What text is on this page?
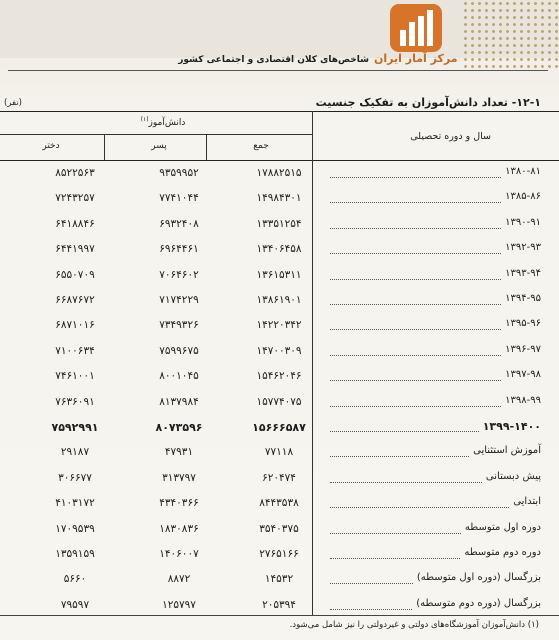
مرکز آمار ایران
شاخص‌های کلان اقتصادی و اجتماعی کشور
۱۲-۱- تعداد دانش‌آموزان به تفکیک جنسیت
(نفر)
دانش‌آموز$^{(۱)}$
جمع
پسر
دختر
سال و دوره تحصیلی
۱۳۸۰-۸۱
۱۷۸۸۲۵۱۵
۹۳۵۹۹۵۲
۸۵۲۲۵۶۳
۱۳۸۵-۸۶
۱۴۹۸۴۳۰۱
۷۷۴۱۰۴۴
۷۲۴۳۲۵۷
۱۳۹۰-۹۱
۱۳۳۵۱۲۵۴
۶۹۳۲۴۰۸
۶۴۱۸۸۴۶
۱۳۹۲-۹۳
۱۳۴۰۶۴۵۸
۶۹۶۴۴۶۱
۶۴۴۱۹۹۷
۱۳۹۳-۹۴
۱۳۶۱۵۳۱۱
۷۰۶۴۶۰۲
۶۵۵۰۷۰۹
۱۳۹۴-۹۵
۱۳۸۶۱۹۰۱
۷۱۷۴۲۲۹
۶۶۸۷۶۷۲
۱۳۹۵-۹۶
۱۴۲۲۰۳۴۲
۷۳۴۹۳۲۶
۶۸۷۱۰۱۶
۱۳۹۶-۹۷
۱۴۷۰۰۳۰۹
۷۵۹۹۶۷۵
۷۱۰۰۶۳۴
۱۳۹۷-۹۸
۱۵۴۶۲۰۴۶
۸۰۰۱۰۴۵
۷۴۶۱۰۰۱
۱۳۹۸-۹۹
۱۵۷۷۴۰۷۵
۸۱۳۷۹۸۴
۷۶۳۶۰۹۱
۱۳۹۹-۱۴۰۰
۱۵۶۶۶۵۸۷
۸۰۷۳۵۹۶
۷۵۹۲۹۹۱
آموزش استثنایی
۷۷۱۱۸
۴۷۹۳۱
۲۹۱۸۷
پیش دبستانی
۶۲۰۴۷۴
۳۱۳۷۹۷
۳۰۶۶۷۷
ابتدایی
۸۴۴۳۵۳۸
۴۳۴۰۳۶۶
۴۱۰۳۱۷۲
دوره اول متوسطه
۳۵۴۰۳۷۵
۱۸۳۰۸۳۶
۱۷۰۹۵۳۹
دوره دوم متوسطه
۲۷۶۵۱۶۶
۱۴۰۶۰۰۷
۱۳۵۹۱۵۹
بزرگسال (دوره اول متوسطه)
۱۴۵۳۲
۸۸۷۲
۵۶۶۰
بزرگسال (دوره دوم متوسطه)
۲۰۵۳۹۴
۱۲۵۷۹۷
۷۹۵۹۷
(۱) دانش‌آموزان آموزشگاه‌های دولتی و غیردولتی را نیز شامل می‌شود.
